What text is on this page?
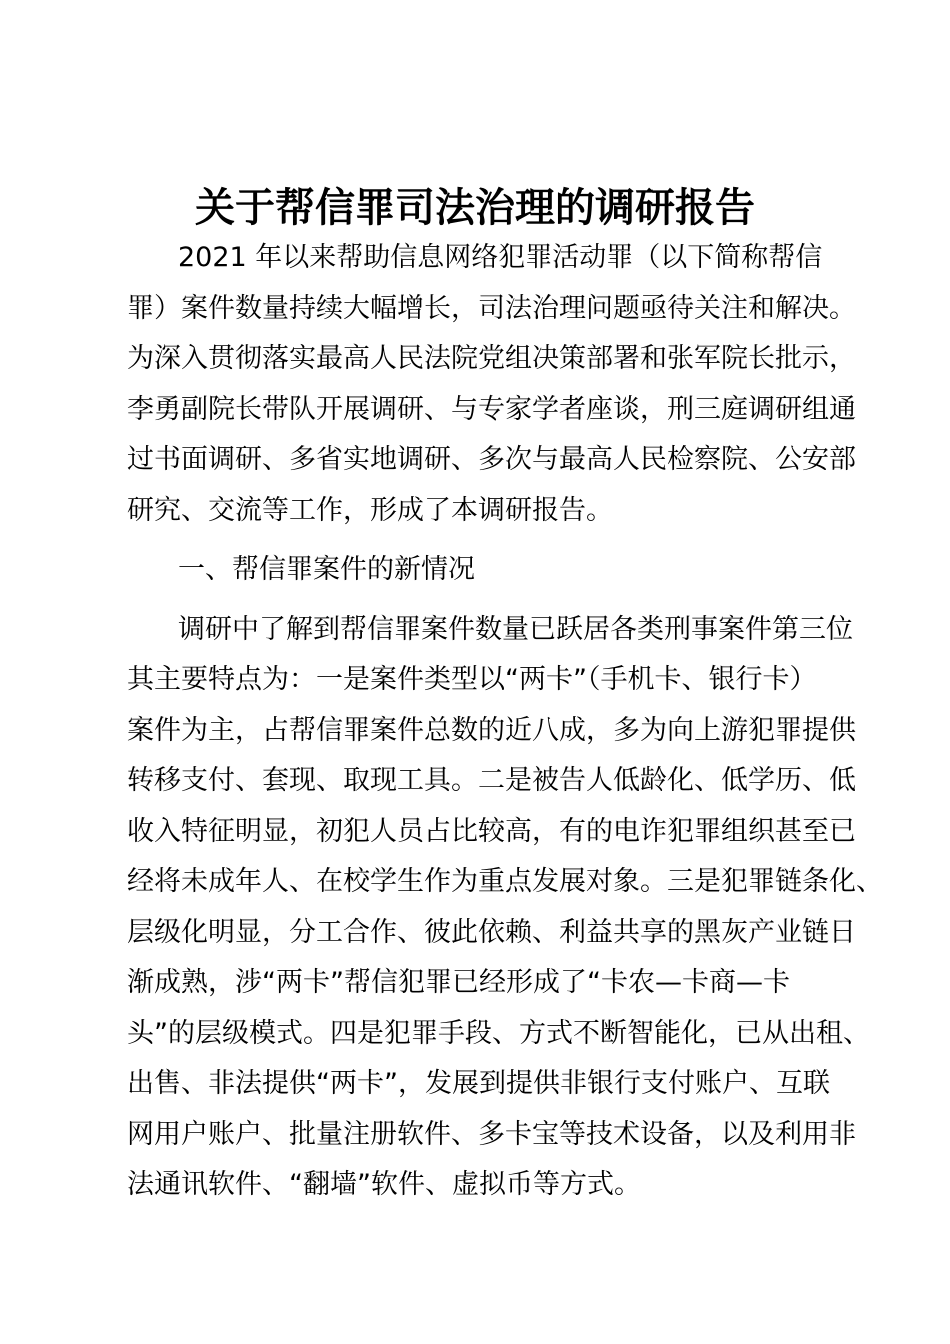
关于帮信罪司法治理的调研报告
2021 年以来帮助信息网络犯罪活动罪（以下简称帮信
罪）案件数量持续大幅增长，司法治理问题亟待关注和解决。
为深入贯彻落实最高人民法院党组决策部署和张军院长批示，
李勇副院长带队开展调研、与专家学者座谈，刑三庭调研组通
过书面调研、多省实地调研、多次与最高人民检察院、公安部
研究、交流等工作，形成了本调研报告。
一、帮信罪案件的新情况
调研中了解到帮信罪案件数量已跃居各类刑事案件第三位
其主要特点为：一是案件类型以“两卡”（手机卡、银行卡）
案件为主，占帮信罪案件总数的近八成，多为向上游犯罪提供
转移支付、套现、取现工具。二是被告人低龄化、低学历、低
收入特征明显，初犯人员占比较高，有的电诈犯罪组织甚至已
经将未成年人、在校学生作为重点发展对象。三是犯罪链条化、
层级化明显，分工合作、彼此依赖、利益共享的黑灰产业链日
渐成熟，涉“两卡”帮信犯罪已经形成了“卡农—卡商—卡
头”的层级模式。四是犯罪手段、方式不断智能化，已从出租、
出售、非法提供“两卡”，发展到提供非银行支付账户、互联
网用户账户、批量注册软件、多卡宝等技术设备，以及利用非
法通讯软件、“翻墙”软件、虚拟币等方式。
